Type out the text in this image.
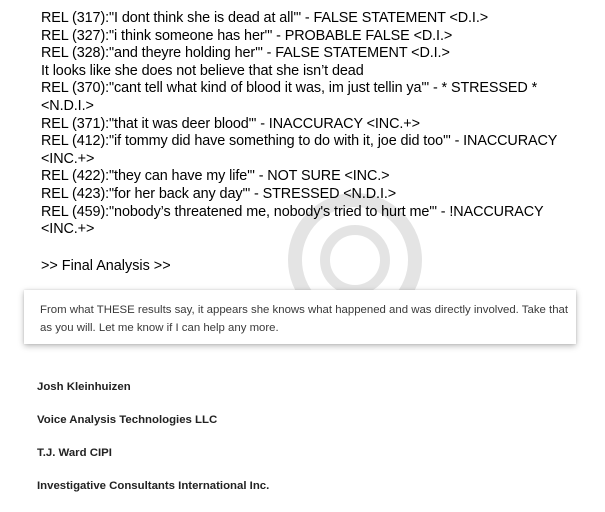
REL (317):"I dont think she is dead at all'" - FALSE STATEMENT <D.I.>
REL (327):"i think someone has her'" - PROBABLE FALSE <D.I.>
REL (328):"and theyre holding her'" - FALSE STATEMENT <D.I.>
It looks like she does not believe that she isn’t dead
REL (370):"cant tell what kind of blood it was, im just tellin ya'" - * STRESSED * <N.D.I.>
REL (371):"that it was deer blood'" - INACCURACY <INC.+>
REL (412):"if tommy did have something to do with it, joe did too'" - INACCURACY <INC.+>
REL (422):"they can have my life'" - NOT SURE <INC.>
REL (423):"for her back any day'" - STRESSED <N.D.I.>
REL (459):"nobody’s threatened me, nobody's tried to hurt me'" - !NACCURACY <INC.+>
>> Final Analysis >>
From what THESE results say, it appears she knows what happened and was directly involved. Take that as you will. Let me know if I can help any more.
Josh Kleinhuizen
Voice Analysis Technologies LLC
T.J. Ward CIPI
Investigative Consultants International Inc.
